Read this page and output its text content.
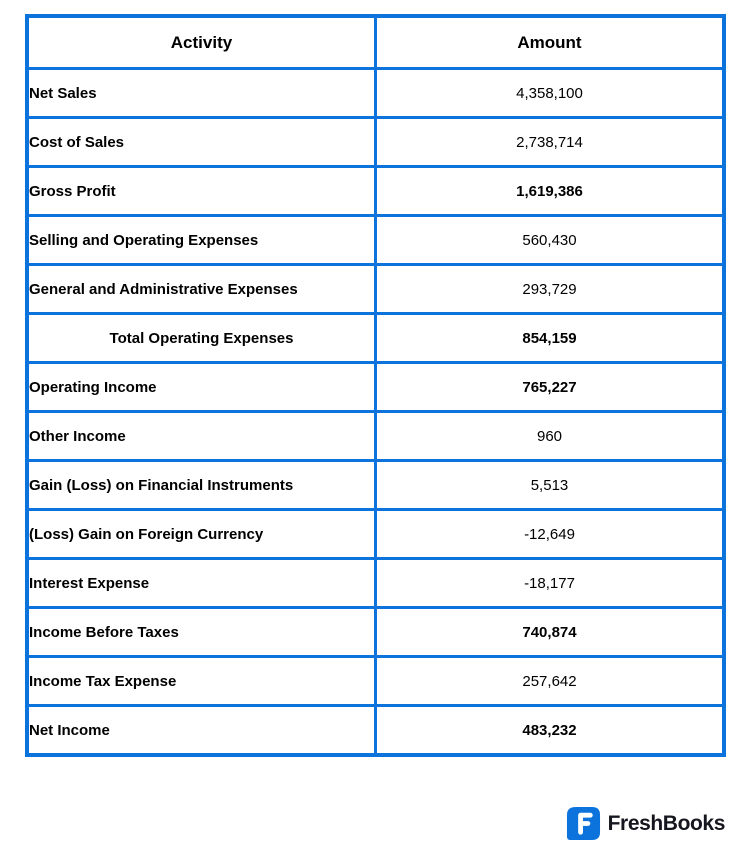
Activity	Amount
Net Sales	4,358,100
Cost of Sales	2,738,714
Gross Profit	1,619,386
Selling and Operating Expenses	560,430
General and Administrative Expenses	293,729
Total Operating Expenses	854,159
Operating Income	765,227
Other Income	960
Gain (Loss) on Financial Instruments	5,513
(Loss) Gain on Foreign Currency	-12,649
Interest Expense	-18,177
Income Before Taxes	740,874
Income Tax Expense	257,642
Net Income	483,232
FreshBooks
